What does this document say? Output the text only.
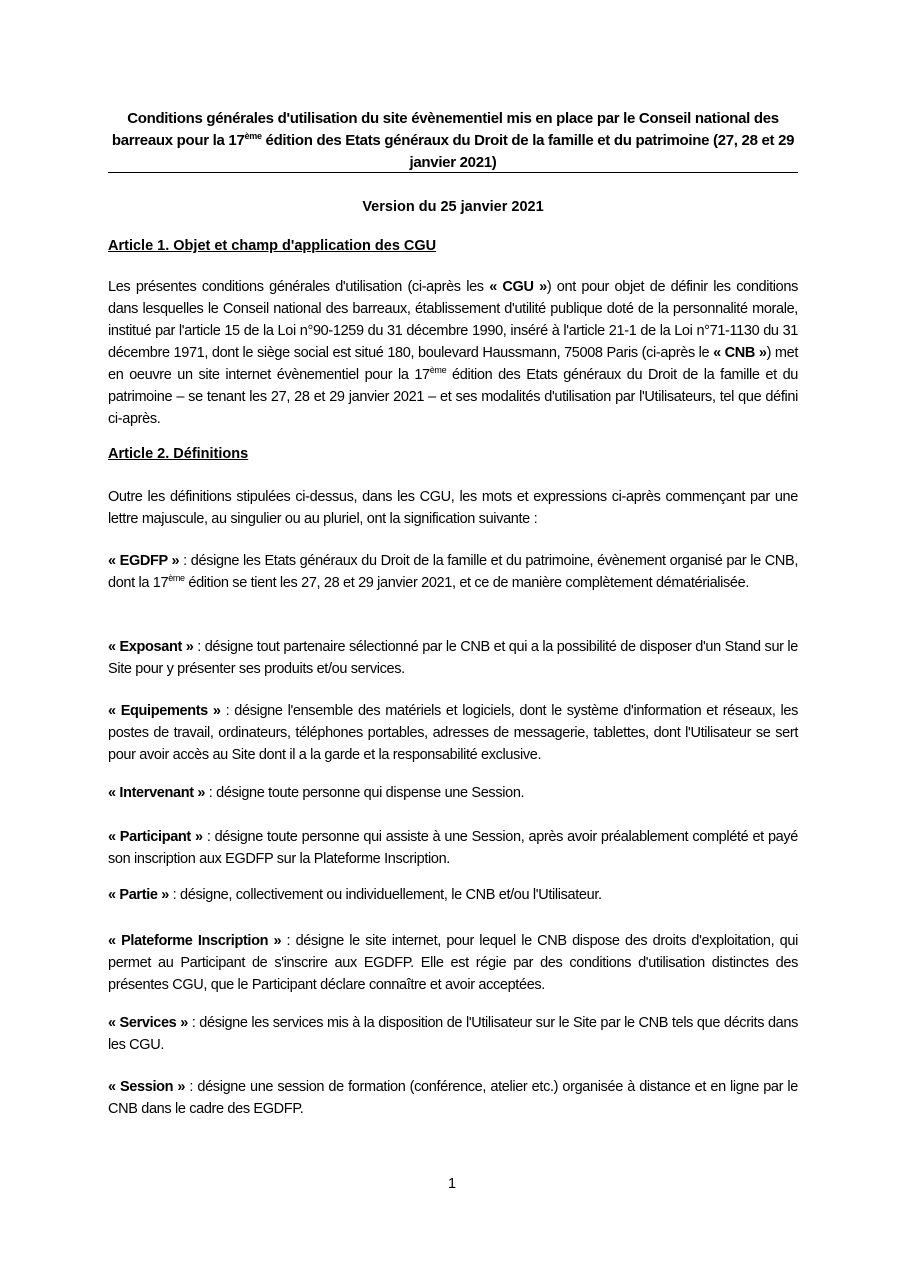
Conditions générales d'utilisation du site évènementiel mis en place par le Conseil national des barreaux pour la 17ème édition des Etats généraux du Droit de la famille et du patrimoine (27, 28 et 29 janvier 2021)
Version du 25 janvier 2021
Article 1. Objet et champ d'application des CGU
Les présentes conditions générales d'utilisation (ci-après les « CGU ») ont pour objet de définir les conditions dans lesquelles le Conseil national des barreaux, établissement d'utilité publique doté de la personnalité morale, institué par l'article 15 de la Loi n°90-1259 du 31 décembre 1990, inséré à l'article 21-1 de la Loi n°71-1130 du 31 décembre 1971, dont le siège social est situé 180, boulevard Haussmann, 75008 Paris (ci-après le « CNB ») met en oeuvre un site internet évènementiel pour la 17ème édition des Etats généraux du Droit de la famille et du patrimoine – se tenant les 27, 28 et 29 janvier 2021 – et ses modalités d'utilisation par l'Utilisateurs, tel que défini ci-après.
Article 2. Définitions
Outre les définitions stipulées ci-dessus, dans les CGU, les mots et expressions ci-après commençant par une lettre majuscule, au singulier ou au pluriel, ont la signification suivante :
« EGDFP » : désigne les Etats généraux du Droit de la famille et du patrimoine, évènement organisé par le CNB, dont la 17ème édition se tient les 27, 28 et 29 janvier 2021, et ce de manière complètement dématérialisée.
« Exposant » : désigne tout partenaire sélectionné par le CNB et qui a la possibilité de disposer d'un Stand sur le Site pour y présenter ses produits et/ou services.
« Equipements » : désigne l'ensemble des matériels et logiciels, dont le système d'information et réseaux, les postes de travail, ordinateurs, téléphones portables, adresses de messagerie, tablettes, dont l'Utilisateur se sert pour avoir accès au Site dont il a la garde et la responsabilité exclusive.
« Intervenant » : désigne toute personne qui dispense une Session.
« Participant » : désigne toute personne qui assiste à une Session, après avoir préalablement complété et payé son inscription aux EGDFP sur la Plateforme Inscription.
« Partie » : désigne, collectivement ou individuellement, le CNB et/ou l'Utilisateur.
« Plateforme Inscription » : désigne le site internet, pour lequel le CNB dispose des droits d'exploitation, qui permet au Participant de s'inscrire aux EGDFP. Elle est régie par des conditions d'utilisation distinctes des présentes CGU, que le Participant déclare connaître et avoir acceptées.
« Services » : désigne les services mis à la disposition de l'Utilisateur sur le Site par le CNB tels que décrits dans les CGU.
« Session » : désigne une session de formation (conférence, atelier etc.) organisée à distance et en ligne par le CNB dans le cadre des EGDFP.
1
